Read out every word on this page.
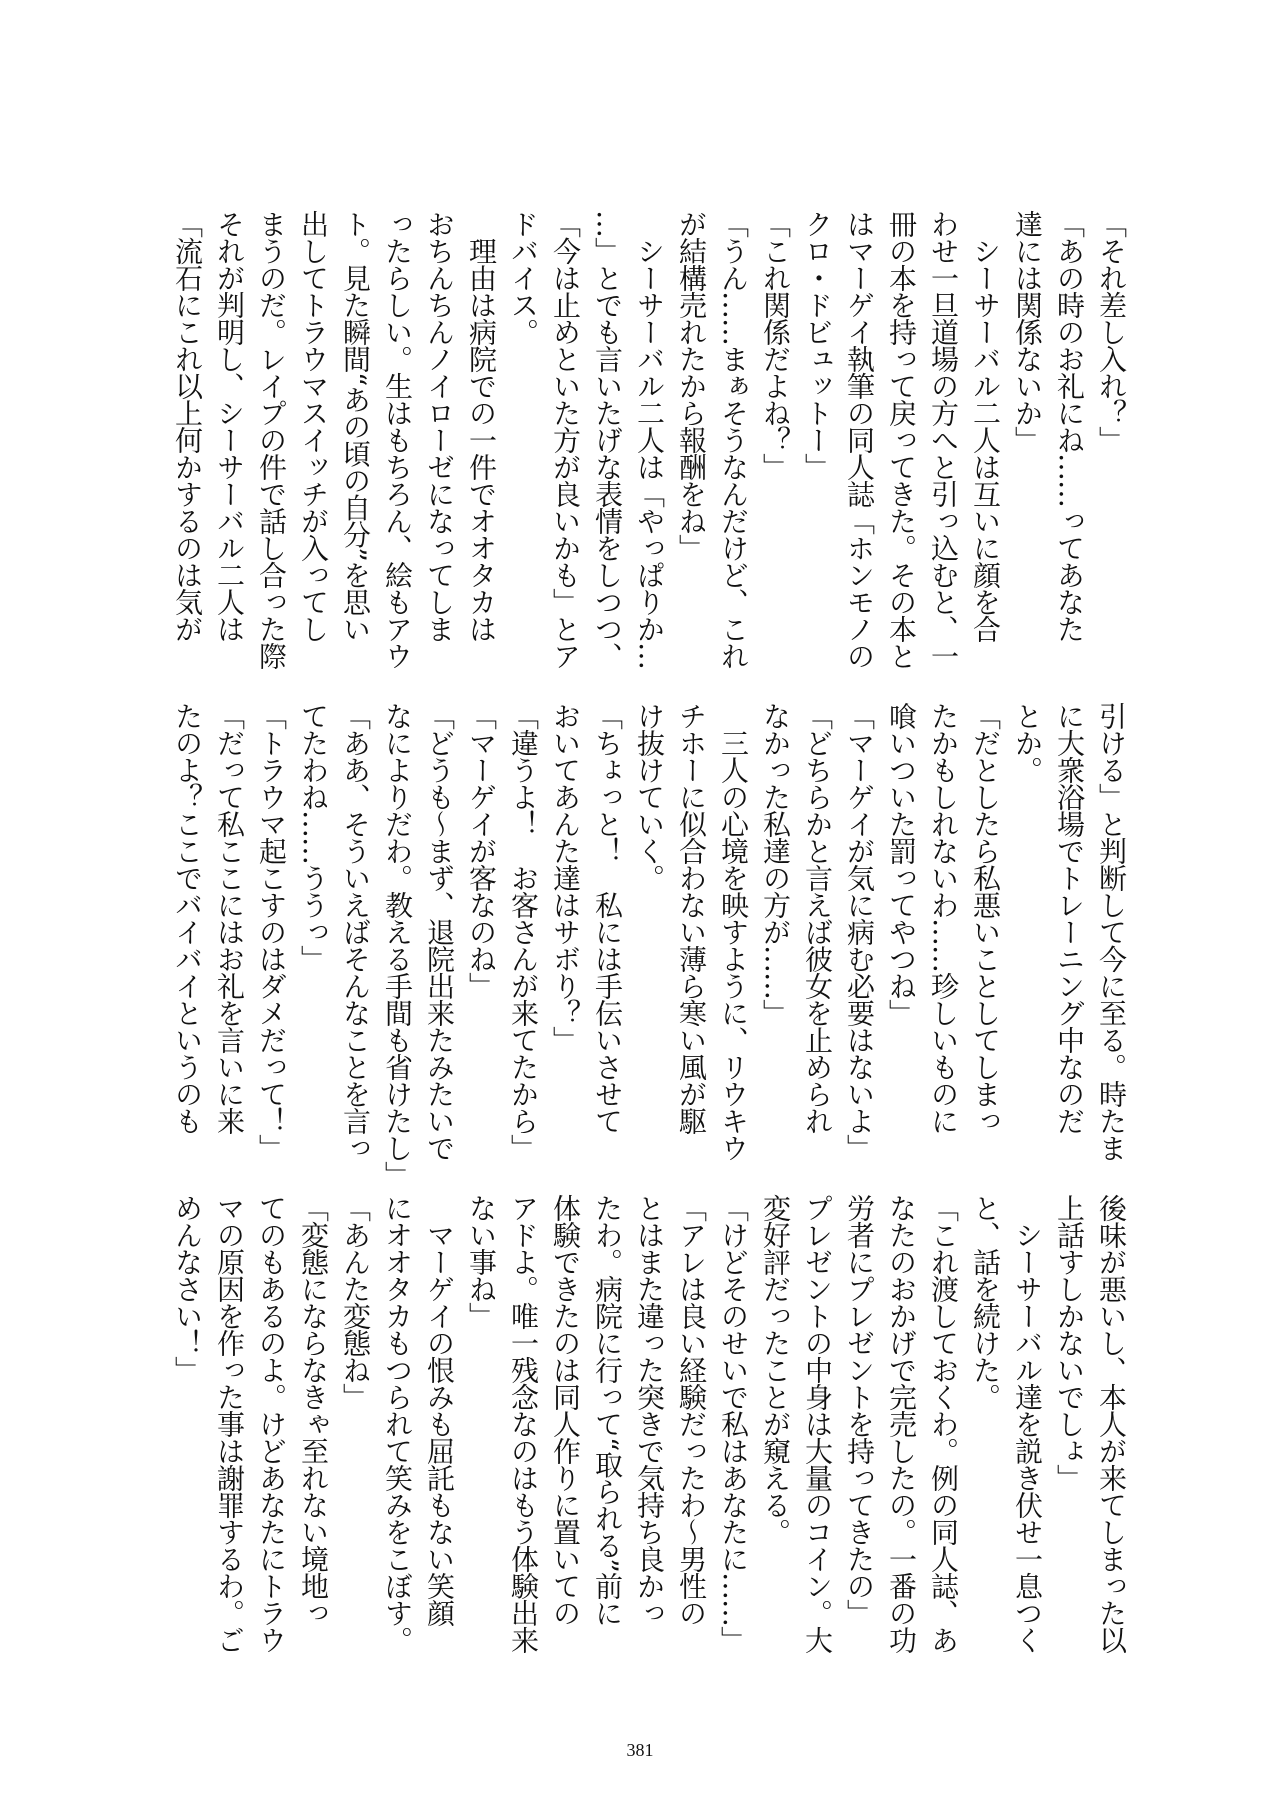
「それ差し入れ？」
「あの時のお礼にね……ってあなた
達には関係ないか」
　シーサーバル二人は互いに顔を合
わせ一旦道場の方へと引っ込むと、一
冊の本を持って戻ってきた。その本と
はマーゲイ執筆の同人誌「ホンモノの
クロ・ドビュットー」
「これ関係だよね？」
「うん……まぁそうなんだけど、これ
が結構売れたから報酬をね」
　シーサーバル二人は「やっぱりか…
…」とでも言いたげな表情をしつつ、
「今は止めといた方が良いかも」とア
ドバイス。
　理由は病院での一件でオオタカは
おちんちんノイローゼになってしま
ったらしい。生はもちろん、絵もアウ
ト。見た瞬間“あの頃の自分”を思い
出してトラウマスイッチが入ってし
まうのだ。レイプの件で話し合った際
それが判明し、シーサーバル二人は
「流石にこれ以上何かするのは気が
引ける」と判断して今に至る。時たま
に大衆浴場でトレーニング中なのだ
とか。
「だとしたら私悪いことしてしまっ
たかもしれないわ……珍しいものに
喰いついた罰ってやつね」
「マーゲイが気に病む必要はないよ」
「どちらかと言えば彼女を止められ
なかった私達の方が……」
　三人の心境を映すように、リウキウ
チホーに似合わない薄ら寒い風が駆
け抜けていく。
「ちょっと！　私には手伝いさせて
おいてあんた達はサボり？」
「違うよ！　お客さんが来てたから」
「マーゲイが客なのね」
「どうも〜まず、退院出来たみたいで
なによりだわ。教える手間も省けたし」
「ああ、そういえばそんなことを言っ
てたわね……ううっ」
「トラウマ起こすのはダメだって！」
「だって私ここにはお礼を言いに来
たのよ？ここでバイバイというのも
後味が悪いし、本人が来てしまった以
上話すしかないでしょ」
　シーサーバル達を説き伏せ一息つく
と、話を続けた。
「これ渡しておくわ。例の同人誌、あ
なたのおかげで完売したの。一番の功
労者にプレゼントを持ってきたの」
プレゼントの中身は大量のコイン。大
変好評だったことが窺える。
「けどそのせいで私はあなたに……」
「アレは良い経験だったわ〜男性の
とはまた違った突きで気持ち良かっ
たわ。病院に行って“取られる”前に
体験できたのは同人作りに置いての
アドよ。唯一残念なのはもう体験出来
ない事ね」
　マーゲイの恨みも屈託もない笑顔
にオオタカもつられて笑みをこぼす。
「あんた変態ね」
「変態にならなきゃ至れない境地っ
てのもあるのよ。けどあなたにトラウ
マの原因を作った事は謝罪するわ。ご
めんなさい！」
381
